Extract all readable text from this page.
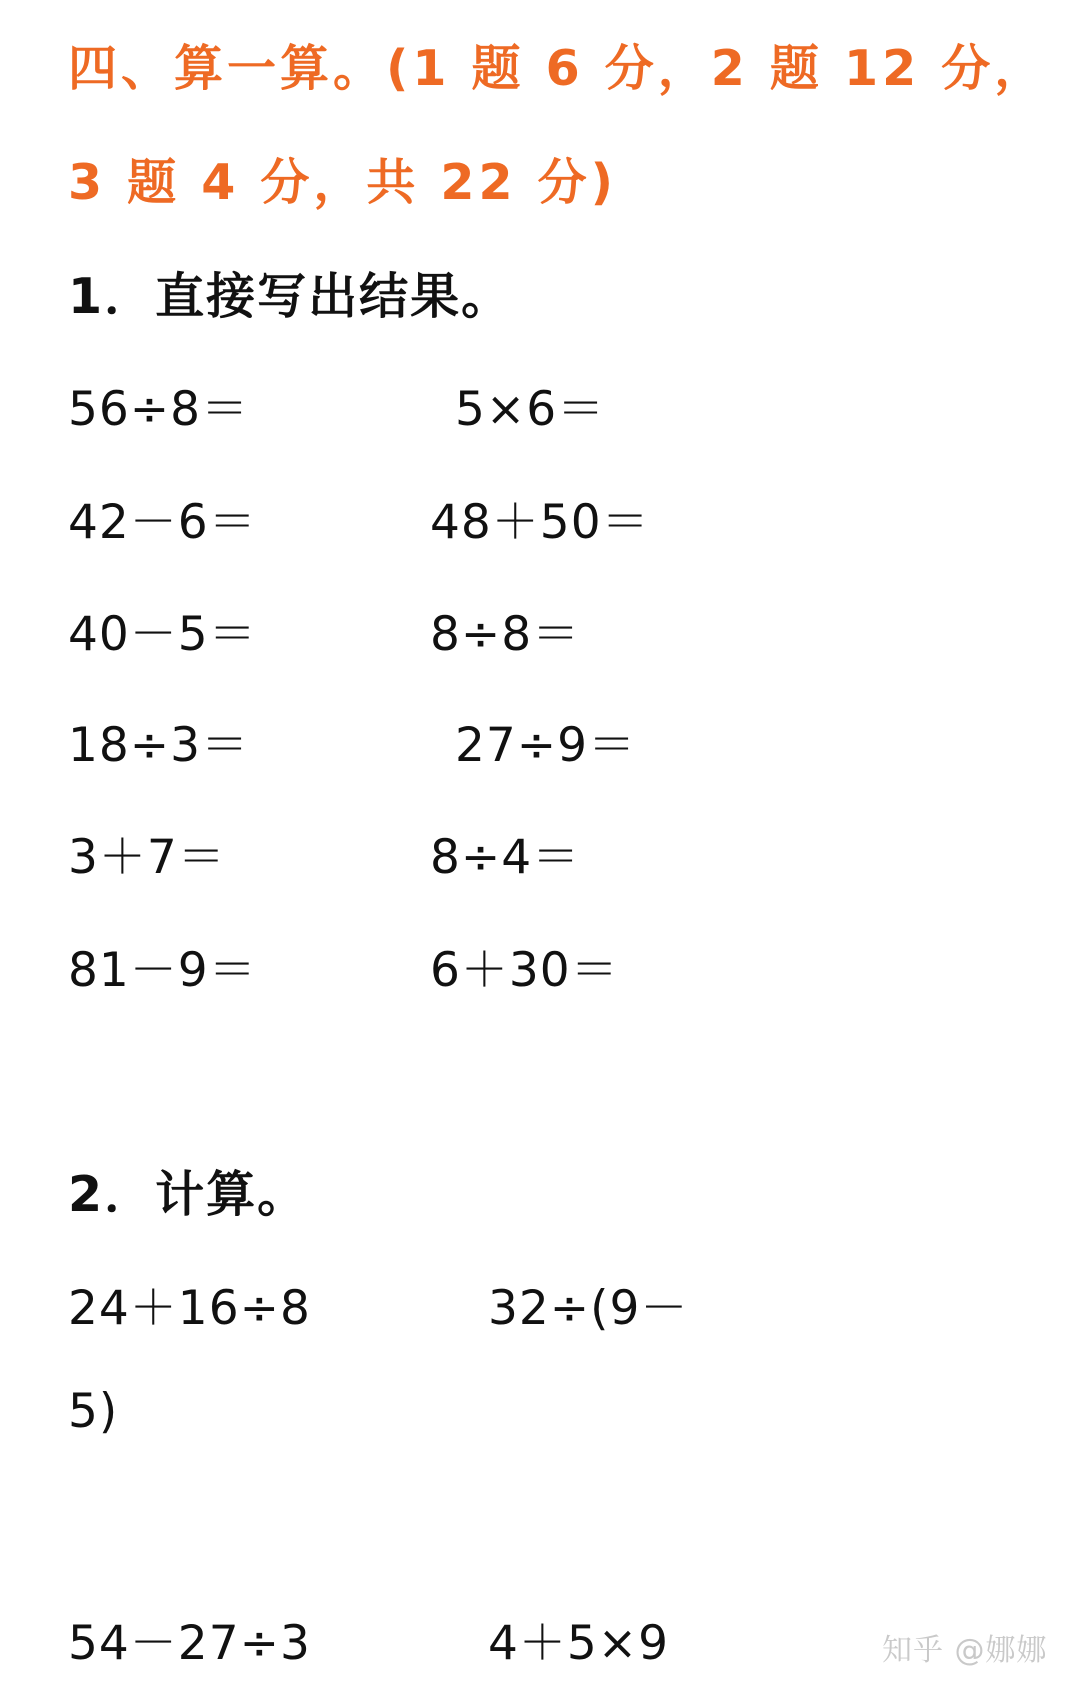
四、算一算。(1 题 6 分，2 题 12 分，
3 题 4 分，共 22 分)
1．直接写出结果。
56÷8＝	5×6＝
42－6＝	48＋50＝
40－5＝	8÷8＝
18÷3＝	27÷9＝
3＋7＝	8÷4＝
81－9＝	6＋30＝
2．计算。
24＋16÷8	32÷(9－
5)
54－27÷3	4＋5×9	知乎 @娜娜
